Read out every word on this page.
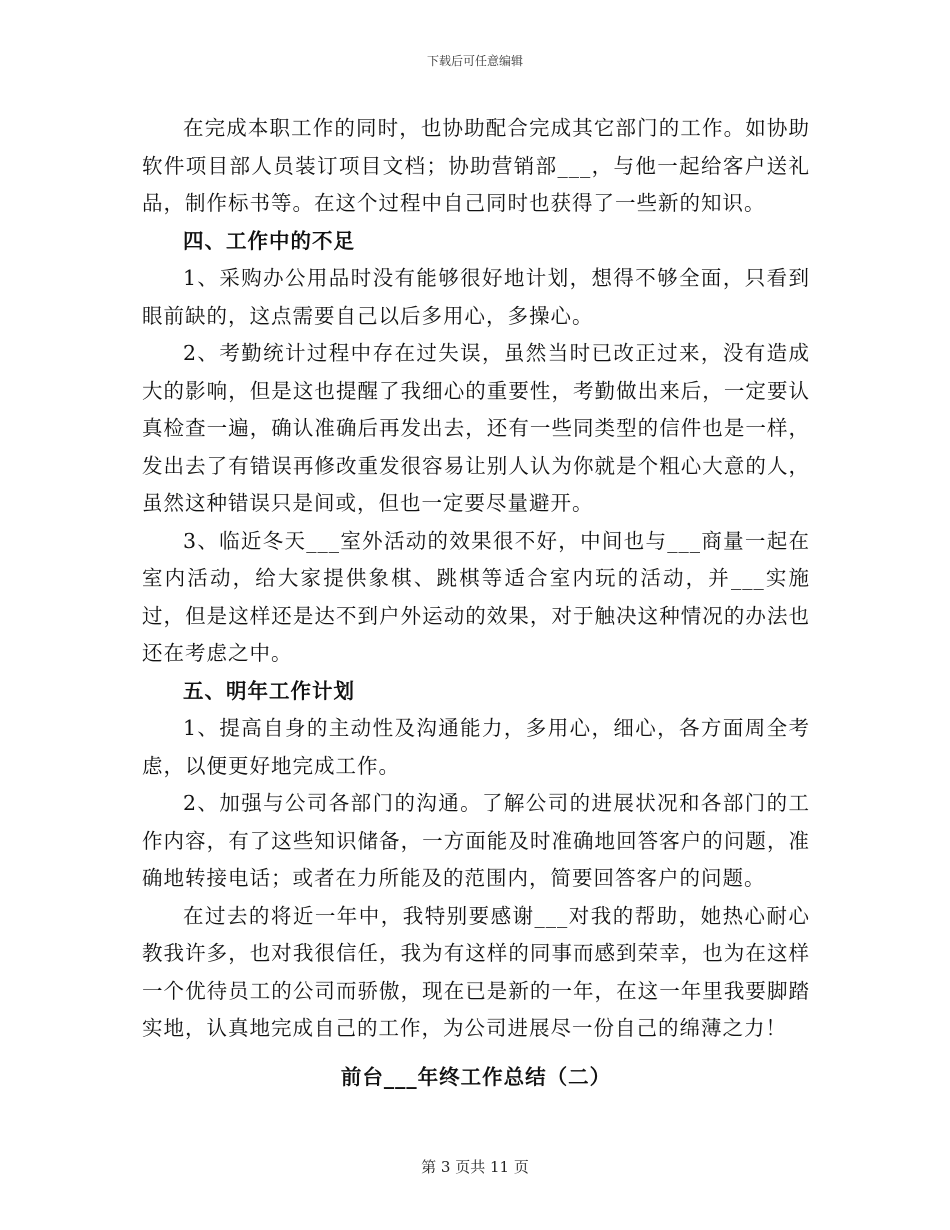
下载后可任意编辑

在完成本职工作的同时，也协助配合完成其它部门的工作。如协助软件项目部人员装订项目文档；协助营销部___，与他一起给客户送礼品，制作标书等。在这个过程中自己同时也获得了一些新的知识。

四、工作中的不足

1、采购办公用品时没有能够很好地计划，想得不够全面，只看到眼前缺的，这点需要自己以后多用心，多操心。

2、考勤统计过程中存在过失误，虽然当时已改正过来，没有造成大的影响，但是这也提醒了我细心的重要性，考勤做出来后，一定要认真检查一遍，确认准确后再发出去，还有一些同类型的信件也是一样，发出去了有错误再修改重发很容易让别人认为你就是个粗心大意的人，虽然这种错误只是间或，但也一定要尽量避开。

3、临近冬天___室外活动的效果很不好，中间也与___商量一起在室内活动，给大家提供象棋、跳棋等适合室内玩的活动，并___实施过，但是这样还是达不到户外运动的效果，对于触决这种情况的办法也还在考虑之中。

五、明年工作计划

1、提高自身的主动性及沟通能力，多用心，细心，各方面周全考虑，以便更好地完成工作。

2、加强与公司各部门的沟通。了解公司的进展状况和各部门的工作内容，有了这些知识储备，一方面能及时准确地回答客户的问题，准确地转接电话；或者在力所能及的范围内，简要回答客户的问题。

在过去的将近一年中，我特别要感谢___对我的帮助，她热心耐心教我许多，也对我很信任，我为有这样的同事而感到荣幸，也为在这样一个优待员工的公司而骄傲，现在已是新的一年，在这一年里我要脚踏实地，认真地完成自己的工作，为公司进展尽一份自己的绵薄之力！

前台___年终工作总结（二）

第 3 页共 11 页
